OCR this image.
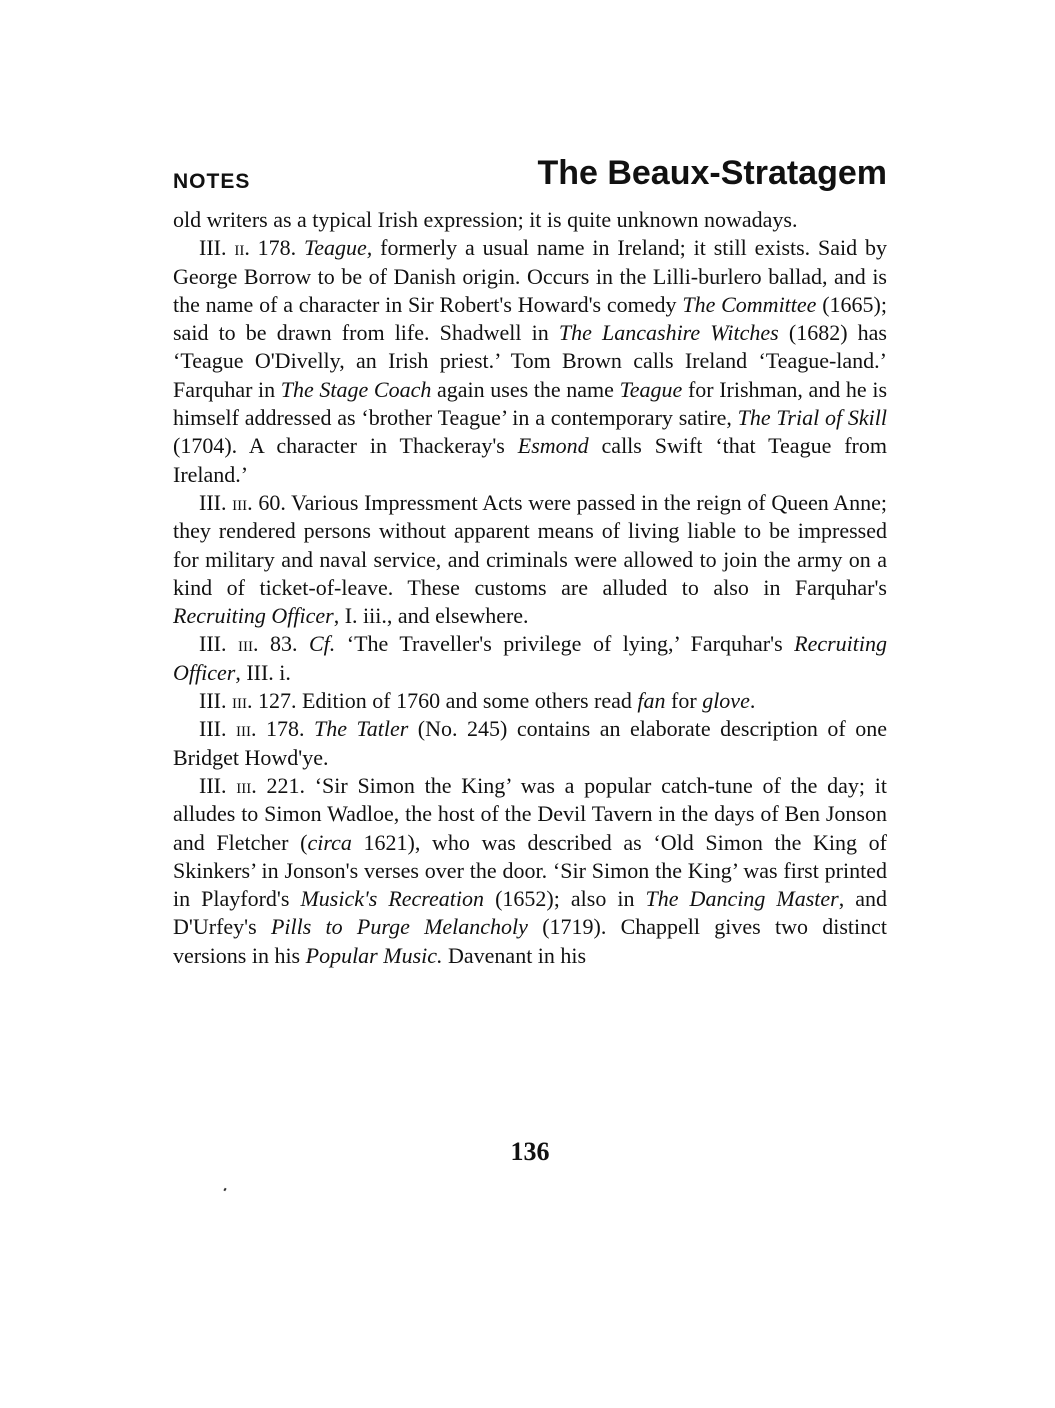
NOTES	The Beaux-Stratagem

old writers as a typical Irish expression; it is quite unknown nowadays.

III. ii. 178. Teague, formerly a usual name in Ireland; it still exists. Said by George Borrow to be of Danish origin. Occurs in the Lilli-burlero ballad, and is the name of a character in Sir Robert's Howard's comedy The Committee (1665); said to be drawn from life. Shadwell in The Lancashire Witches (1682) has ‘Teague O'Divelly, an Irish priest.’ Tom Brown calls Ireland ‘Teague-land.’ Farquhar in The Stage Coach again uses the name Teague for Irishman, and he is himself addressed as ‘brother Teague’ in a contemporary satire, The Trial of Skill (1704). A character in Thackeray's Esmond calls Swift ‘that Teague from Ireland.’

III. iii. 60. Various Impressment Acts were passed in the reign of Queen Anne; they rendered persons without apparent means of living liable to be impressed for military and naval service, and criminals were allowed to join the army on a kind of ticket-of-leave. These customs are alluded to also in Farquhar's Recruiting Officer, I. iii., and elsewhere.

III. iii. 83. Cf. ‘The Traveller's privilege of lying,’ Farquhar's Recruiting Officer, III. i.

III. iii. 127. Edition of 1760 and some others read fan for glove.

III. iii. 178. The Tatler (No. 245) contains an elaborate description of one Bridget Howd'ye.

III. iii. 221. ‘Sir Simon the King’ was a popular catch-tune of the day; it alludes to Simon Wadloe, the host of the Devil Tavern in the days of Ben Jonson and Fletcher (circa 1621), who was described as ‘Old Simon the King of Skinkers’ in Jonson's verses over the door. ‘Sir Simon the King’ was first printed in Playford's Musick's Recreation (1652); also in The Dancing Master, and D'Urfey's Pills to Purge Melancholy (1719). Chappell gives two distinct versions in his Popular Music. Davenant in his

136
